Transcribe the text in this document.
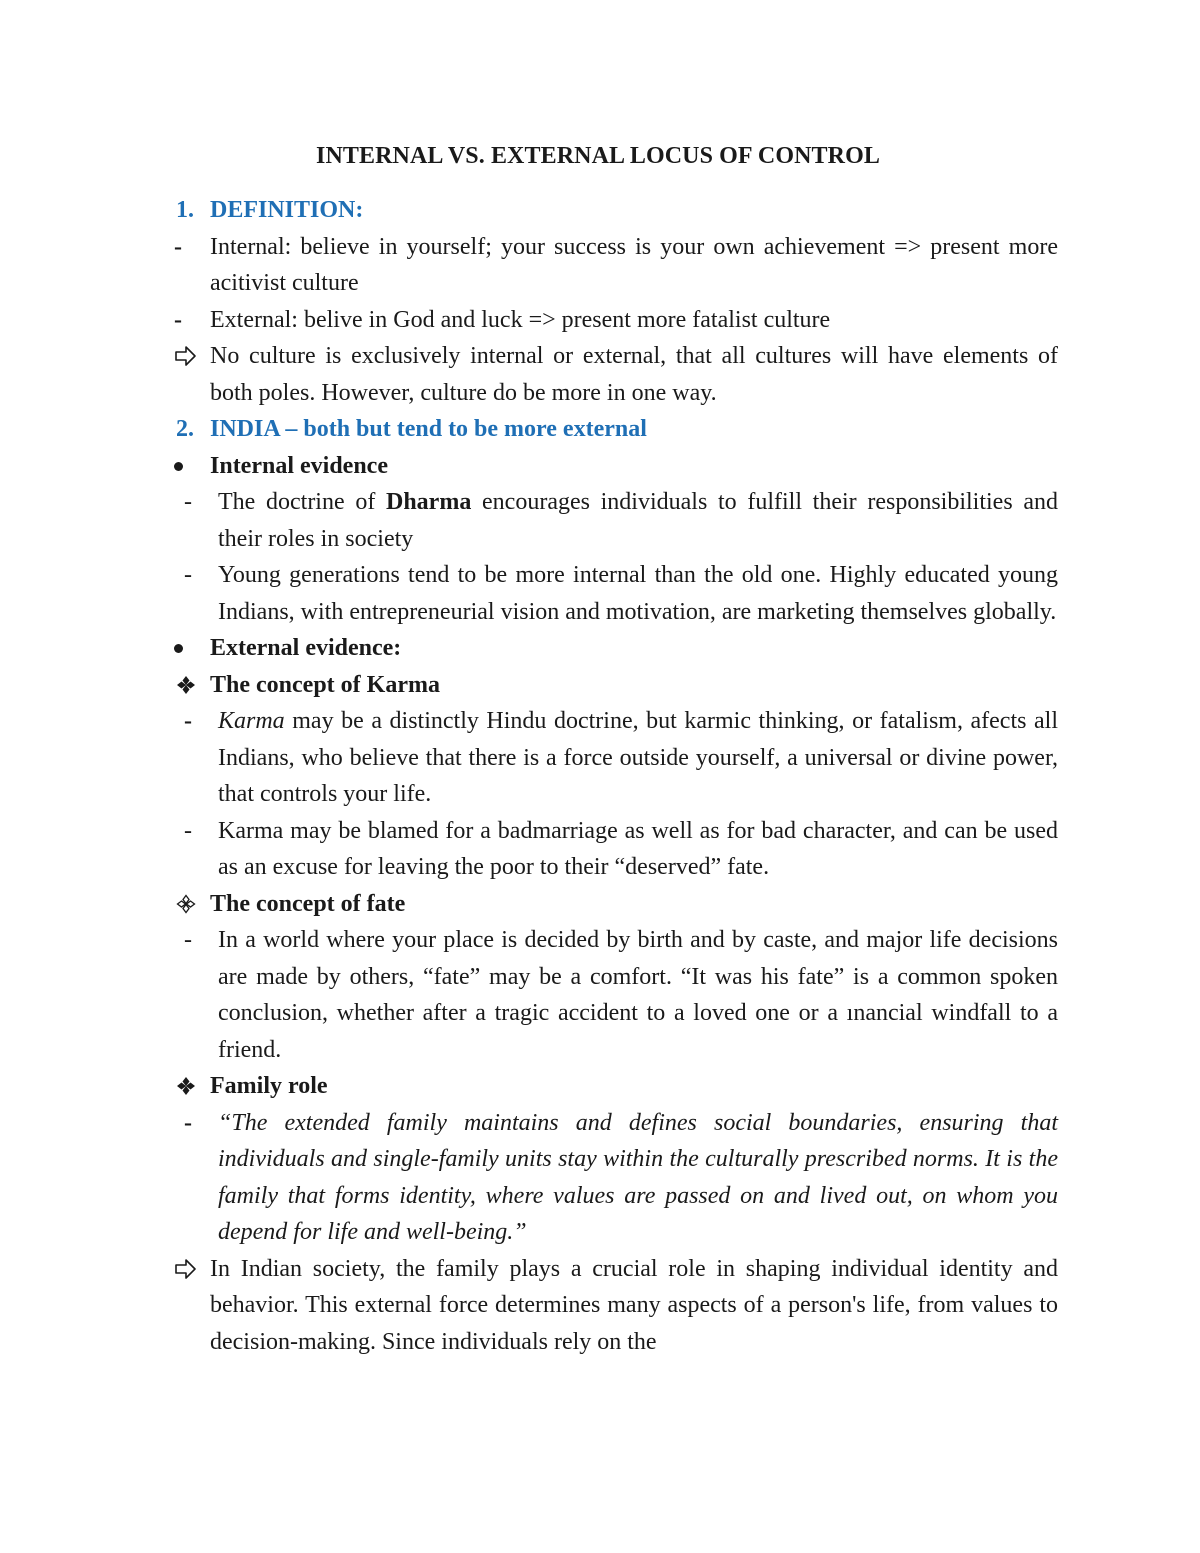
INTERNAL VS. EXTERNAL LOCUS OF CONTROL
1. DEFINITION:
- Internal: believe in yourself; your success is your own achievement => present more acitivist culture
- External: belive in God and luck => present more fatalist culture
No culture is exclusively internal or external, that all cultures will have elements of both poles. However, culture do be more in one way.
2. INDIA – both but tend to be more external
Internal evidence
- The doctrine of Dharma encourages individuals to fulfill their responsibilities and their roles in society
- Young generations tend to be more internal than the old one. Highly educated young Indians, with entrepreneurial vision and motivation, are marketing themselves globally.
External evidence:
The concept of Karma
- Karma may be a distinctly Hindu doctrine, but karmic thinking, or fatalism, afects all Indians, who believe that there is a force outside yourself, a universal or divine power, that controls your life.
- Karma may be blamed for a badmarriage as well as for bad character, and can be used as an excuse for leaving the poor to their “deserved” fate.
The concept of fate
- In a world where your place is decided by birth and by caste, and major life decisions are made by others, “fate” may be a comfort. “It was his fate” is a common spoken conclusion, whether after a tragic accident to a loved one or a ınancial windfall to a friend.
Family role
- “The extended family maintains and defines social boundaries, ensuring that individuals and single-family units stay within the culturally prescribed norms. It is the family that forms identity, where values are passed on and lived out, on whom you depend for life and well-being.”
In Indian society, the family plays a crucial role in shaping individual identity and behavior. This external force determines many aspects of a person's life, from values to decision-making. Since individuals rely on the
